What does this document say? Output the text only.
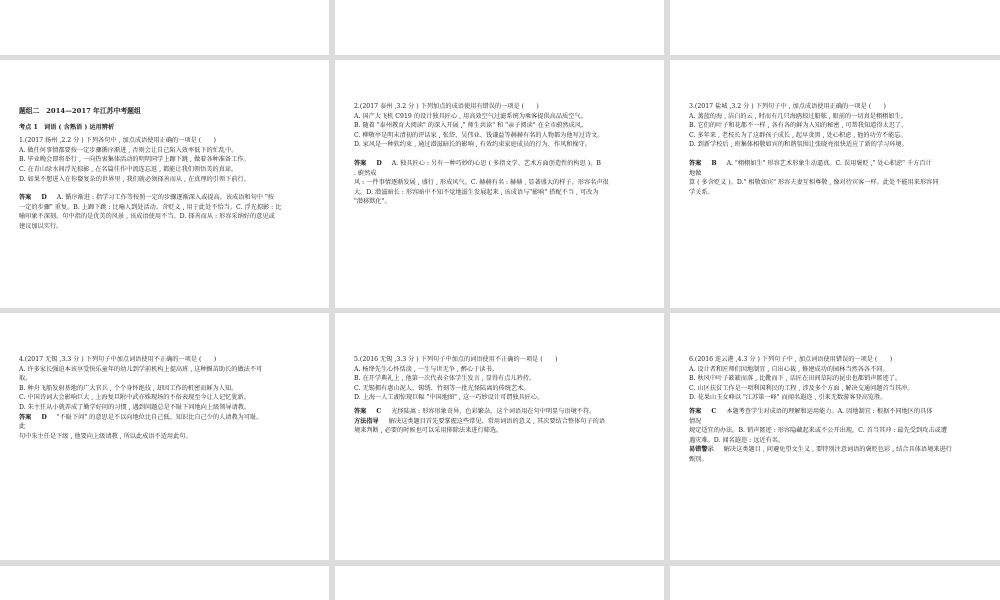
题组二　2014—2017 年江苏中考题组

考点 1　词语 ( 含熟语 ) 运用辨析

1.(2017 扬州 ,2.2 分 ) 下列各句中 , 加点成语使用正确的一项是 (　　)

A. 做任何事情都要按一定步骤循序渐进 , 否则会让自己陷入效率低下的忙乱中。

B. 毕业晚会即将举行 , 一向热衷集体活动的明明同学上蹿下跳 , 做着各种准备工作。

C. 在青山绿水间浮光掠影 , 在名篇佳作中流连忘返 , 都能让我们领悟美的真谛。

D. 如果不想进入在你嫠复杂的世界里 , 我们就必须择善而从 , 在真理的引领下前行。

答案 D A. 循序渐进 : 指学习工作等按照一定的步骤逐渐深入或提高。该成语和句中 "按

一定的步骤" 重复。B. 上蹿下跳 : 比喻人到处活动。含贬义 , 用于此处不恰当。C. 浮光掠影 : 比

喻印象不深刻。句中指的是优美的风景 , 该成语使用不当。D. 择善而从 : 形容采纳好的意见或

建议加以实行。

2.(2017 泰州 ,3.2 分 ) 下列加点的成语使用有错误的一项是 (　　)

A. 国产大飞机 C919 的设计独具匠心 , 用高效空气过滤系统为乘客提供高品质空气。

B. 随着 "泰州教育大阅读" 的深入开展 ," 师生共读" 和 "亲子阅读" 在全市蔚然成风。

C. 柳敬亭是明末清初的评话家 , 张岱、吴伟业、钱谦益等赫赫有名的人物都为他写过诗文。

D. 家风是一种软约束 , 通过潜滋暗长的影响 , 有效约束家庭成员的行为、作风和操守。

答案 D A. 独具匠心 : 另有一种巧妙的心思 ( 多指文学、艺术方面创造性的构思 )。B

. 蔚然成

风 : 一件事情逐渐发展 , 盛行 , 形成风气。C. 赫赫有名 : 赫赫 , 显著盛大的样子。形容名声很

大。D. 潜滋暗长 : 形容暗中不知不觉地滋生发展起来 , 该成语与"影响" 搭配不当 , 可改为

"潜移默化"。

3.(2017 盐城 ,3.2 分 ) 下列句子中 , 加点成语使用正确的一项是 (　　)

A. 蒸蓝的海 , 洁白的云 , 时而有几只海鸥掠过船舷 , 眼前的一切真是栩栩如生。

B. 它们的叶子和花都不一样 , 各有各的鲜为人知的秘密 , 可帮我知道得太迟了。

C. 多年来 , 老校长为了这群孩子成长 , 起早贪黑 , 处心积虑 , 他的功劳不能忘。

D. 到新学校后 , 班集体相敬如宾的和谐氛围让张晓亮很快适应了新的学习环境。

答案 B A. "栩栩如生" 形容艺术形象生动逼真。C. 误用褒贬 ," 处心积虑" 千方百计

地做

算 ( 多含贬义 )。D." 相敬如宾" 形容夫妻互相尊敬 , 像对待宾客一样。此处不能用来形容同

学关系。

4.(2017 无锡 ,3.3 分 ) 下列句子中加点词语使用不正确的一项是 (　　)

A. 许多家长强迫本该享受快乐童年的幼儿到学前机构上提高班 , 这种揠苗助长的做法不可

取。

B. 种舟飞船发射基地的广大官兵 , 个个身怀绝技 , 却因工作的机密而鲜为人知。

C. 中国诗词大会影响巨大 , 上海复旦附中武亦姝现场的不俗表现至今让人记忆犹新。

D. 朱主任从小就养成了勤学好问的习惯 , 遇到问题总是不耻下问地向上级领导请教。

答案 D "不耻下问" 的意思是不以向地位比自己低、知识比自己少的人请教为可耻。

此

句中朱主任是下级 , 他要向上级请教 , 所以此成语不适用此句。

5.(2016 无锡 ,3.3 分 ) 下列句子中加点的词语使用不正确的一项是 (　　)

A. 杨绛先生心怀恬淡 , 一生与世无争 , 醉心于读书。

B. 在开学典礼上 , 他第一次代表全体学生发言 , 显得有点儿矜持。

C. 无锡拥有惠山泥人、锡绣、竹刻等一批光怪陆离的传统艺术。

D. 上海一人工湖惊现巨幅 "中国地图" , 这一巧妙设计可谓独具匠心。

答案 C 光怪陆离 : 形容形象奇异、色彩繁杂。这个词语用在句中明显与语境不符。

方法指导 解决这类题目首先要掌握这些常见、常用词语的意义 , 其次要结合整体句子的语

境来判断 , 必要的时候也可以采用排除法来进行筛选。

6.(2016 连云港 ,4.3 分 ) 下列句子中 , 加点词语使用错误的一项是 (　　)

A. 设计者和匠师们因地制宜 , 自出心裁 , 修建成功的园林当然各各不同。

B. 秋风中叶子簌簌而落 , 比靴而下 , 话匠在田间草际的昆虫也都销声匿迹了。

C. 山区扶贫工作是一项利国利民的工程 , 涉及多个方面 , 解决交通问题首当其冲。

D. 花果山玉女峰以 "江苏第一峰" 而闻名遐迩 , 引来无数游客登高览胜。

答案 C 本题考查学生对成语的理解和运用能力。A. 因地制宜 : 根据不同地区的具体

情况

规定适宜的办法。B. 销声匿迹 : 形容隐藏起来或不公开出现。C. 首当其冲 : 最先受到攻击或遭

遇灾难。D. 闻名遐迩 : 远近有名。

易错警示 解决这类题目 , 问避免望文生义 , 要特别注意词语的褒贬色彩 , 结合具体语境来进行

甄别。
